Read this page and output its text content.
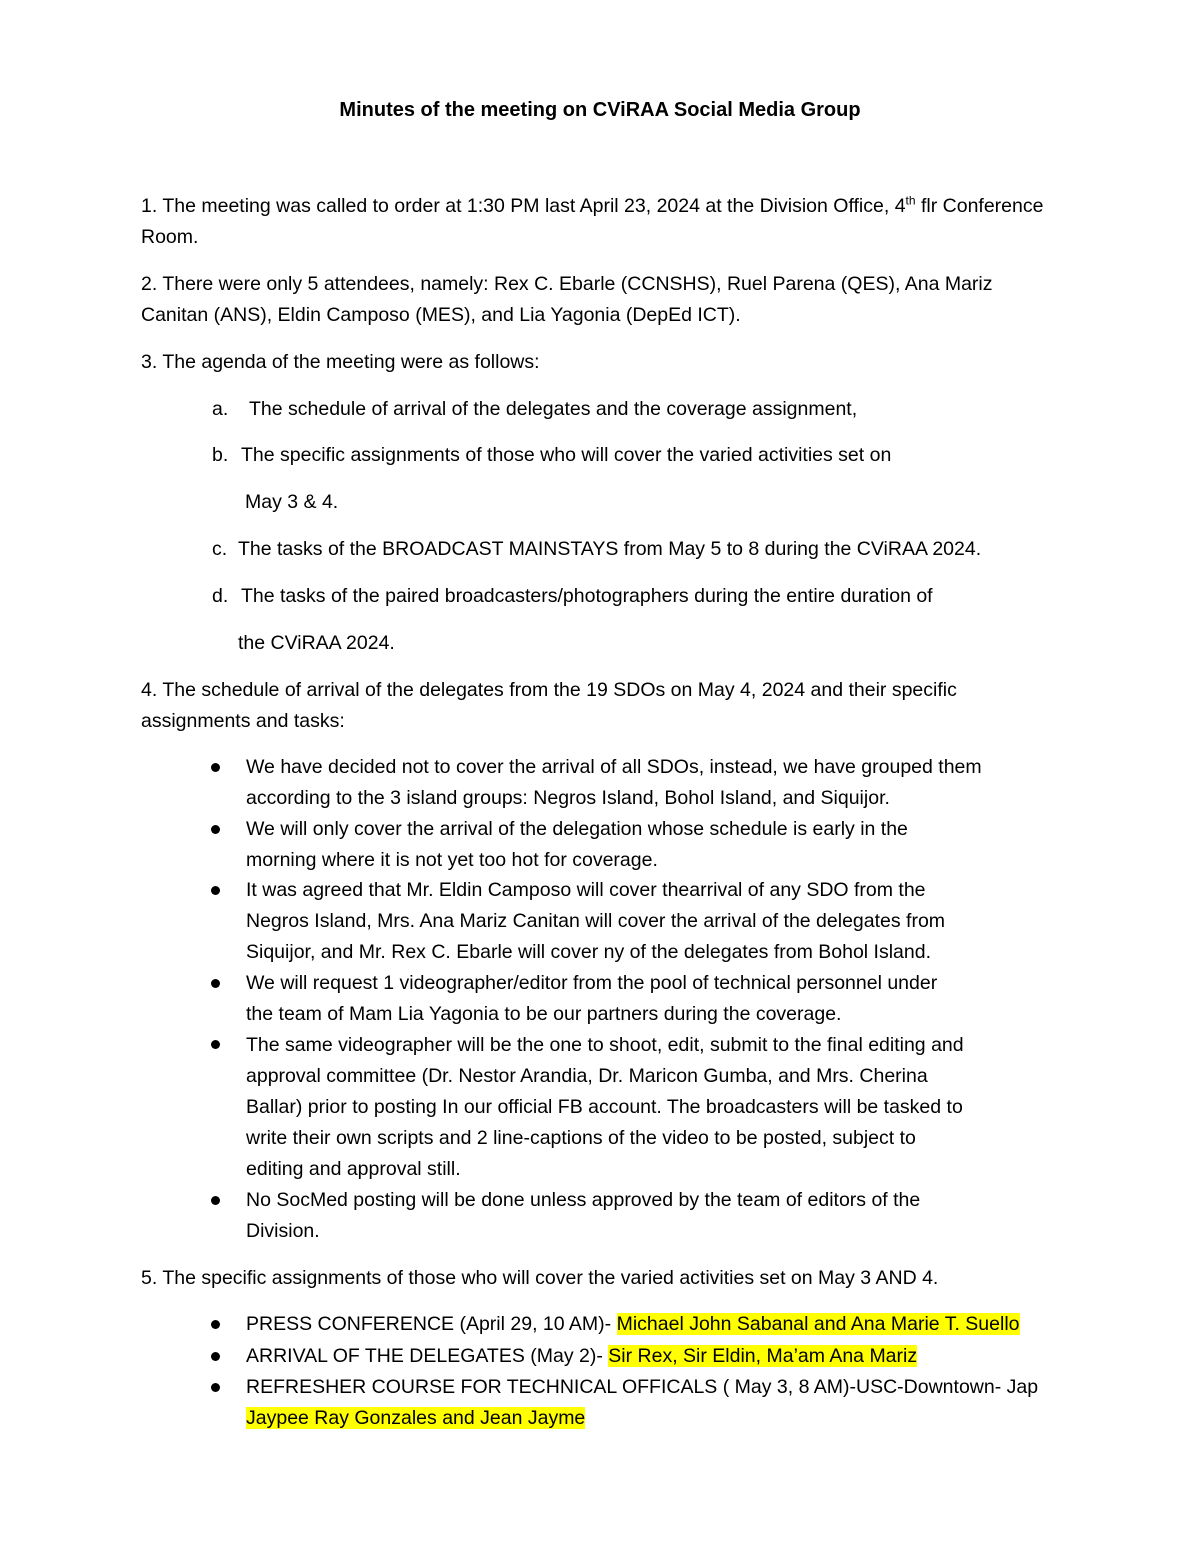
Minutes of the meeting on CViRAA Social Media Group
1. The meeting was called to order at 1:30 PM last April 23, 2024 at the Division Office, 4th flr Conference Room.
2. There were only 5 attendees, namely: Rex C. Ebarle (CCNSHS), Ruel Parena (QES), Ana Mariz
Canitan (ANS), Eldin Camposo (MES), and Lia Yagonia (DepEd ICT).
3. The agenda of the meeting were as follows:
a. The schedule of arrival of the delegates and the coverage assignment,
b. The specific assignments of those who will cover the varied activities set on
May 3 & 4.
c. The tasks of the BROADCAST MAINSTAYS from May 5 to 8 during the CViRAA 2024.
d. The tasks of the paired broadcasters/photographers during the entire duration of
the CViRAA 2024.
4. The schedule of arrival of the delegates from the 19 SDOs on May 4, 2024 and their specific
assignments and tasks:
We have decided not to cover the arrival of all SDOs, instead, we have grouped them
according to the 3 island groups: Negros Island, Bohol Island, and Siquijor.
We will only cover the arrival of the delegation whose schedule is early in the
morning where it is not yet too hot for coverage.
It was agreed that Mr. Eldin Camposo will cover thearrival of any SDO from the
Negros Island, Mrs. Ana Mariz Canitan will cover the arrival of the delegates from
Siquijor, and Mr. Rex C. Ebarle will cover ny of the delegates from Bohol Island.
We will request 1 videographer/editor from the pool of technical personnel under
the team of Mam Lia Yagonia to be our partners during the coverage.
The same videographer will be the one to shoot, edit, submit to the final editing and
approval committee (Dr. Nestor Arandia, Dr. Maricon Gumba, and Mrs. Cherina
Ballar) prior to posting In our official FB account. The broadcasters will be tasked to
write their own scripts and 2 line-captions of the video to be posted, subject to
editing and approval still.
No SocMed posting will be done unless approved by the team of editors of the
Division.
5. The specific assignments of those who will cover the varied activities set on May 3 AND 4.
PRESS CONFERENCE (April 29, 10 AM)- Michael John Sabanal and Ana Marie T. Suello
ARRIVAL OF THE DELEGATES (May 2)- Sir Rex, Sir Eldin, Ma’am Ana Mariz
REFRESHER COURSE FOR TECHNICAL OFFICALS ( May 3, 8 AM)-USC-Downtown- Jap
Jaypee Ray Gonzales and Jean Jayme
